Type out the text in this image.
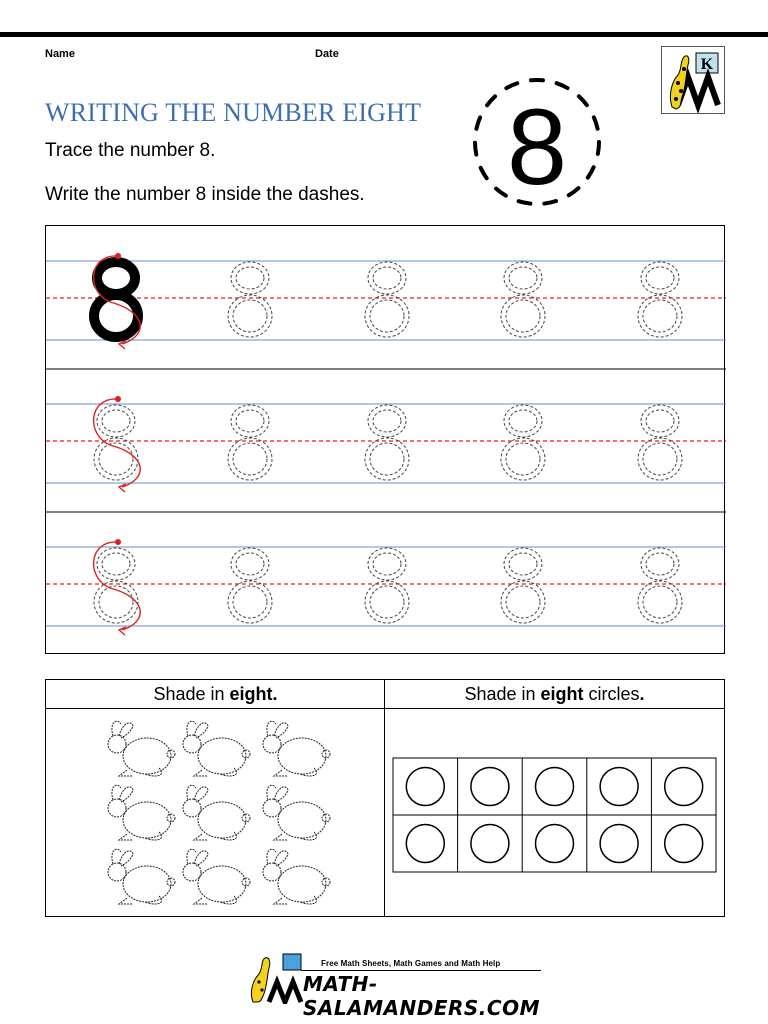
Name	Date
WRITING THE NUMBER EIGHT
Trace the number 8.
Write the number 8 inside the dashes. 8
K
Shade in eight.	Shade in eight circles.
Free Math Sheets, Math Games and Math Help
MATH-SALAMANDERS.COM
